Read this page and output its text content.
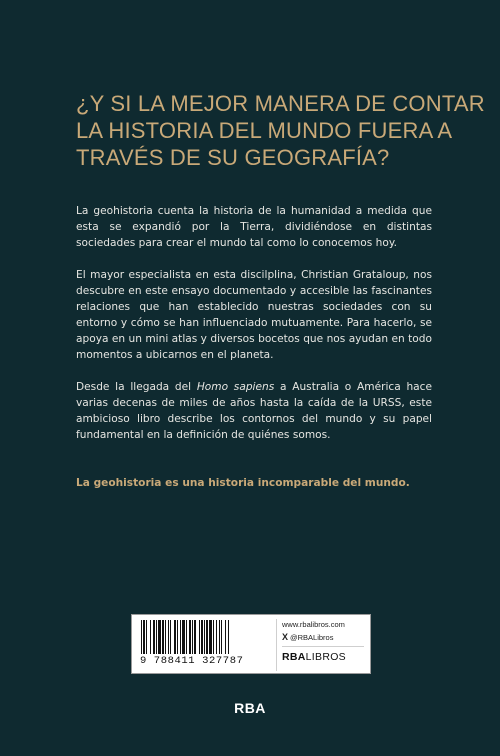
¿Y SI LA MEJOR MANERA DE CONTAR
LA HISTORIA DEL MUNDO FUERA A
TRAVÉS DE SU GEOGRAFÍA?

La geohistoria cuenta la historia de la humanidad a medida que esta se expandió por la Tierra, dividiéndose en distintas sociedades para crear el mundo tal como lo conocemos hoy.

El mayor especialista en esta discilplina, Christian Grataloup, nos descubre en este ensayo documentado y accesible las fascinantes relaciones que han establecido nuestras sociedades con su entorno y cómo se han influenciado mutuamente. Para hacerlo, se apoya en un mini atlas y diversos bocetos que nos ayudan en todo momentos a ubicarnos en el planeta.

Desde la llegada del Homo sapiens a Australia o América hace varias decenas de miles de años hasta la caída de la URSS, este ambicioso libro describe los contornos del mundo y su papel fundamental en la definición de quiénes somos.

La geohistoria es una historia incomparable del mundo.

9 788411 327787
www.rbalibros.com
X @RBALibros
RBALIBROS
RBA
